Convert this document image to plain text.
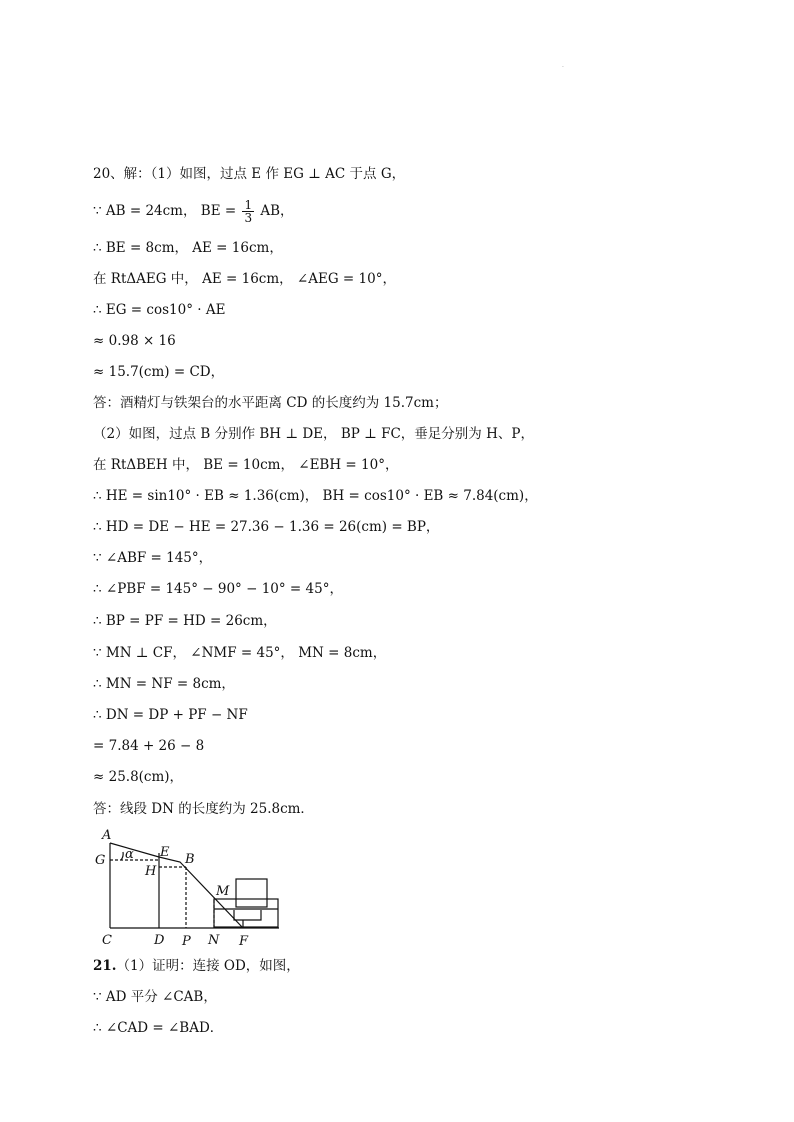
·
20、解：（1）如图，过点 E 作 EG ⊥ AC 于点 G，
∵ AB = 24cm， BE = $\frac{1}{3}$ AB，
∴ BE = 8cm， AE = 16cm，
在 RtΔAEG 中， AE = 16cm， ∠AEG = 10°，
∴ EG = cos10° · AE
≈ 0.98 × 16
≈ 15.7(cm) = CD，
答：酒精灯与铁架台的水平距离 CD 的长度约为 15.7cm；
（2）如图，过点 B 分别作 BH ⊥ DE， BP ⊥ FC，垂足分别为 H、P，
在 RtΔBEH 中， BE = 10cm， ∠EBH = 10°，
∴ HE = sin10° · EB ≈ 1.36(cm)， BH = cos10° · EB ≈ 7.84(cm)，
∴ HD = DE − HE = 27.36 − 1.36 = 26(cm) = BP，
∵ ∠ABF = 145°，
∴ ∠PBF = 145° − 90° − 10° = 45°，
∴ BP = PF = HD = 26cm，
∵ MN ⊥ CF， ∠NMF = 45°， MN = 8cm，
∴ MN = NF = 8cm，
∴ DN = DP + PF − NF
= 7.84 + 26 − 8
≈ 25.8(cm)，
答：线段 DN 的长度约为 25.8cm．
A
G α E
H
B
M
C	D P N F
21.（1）证明：连接 OD，如图，
∵ AD 平分 ∠CAB，
∴ ∠CAD = ∠BAD．
